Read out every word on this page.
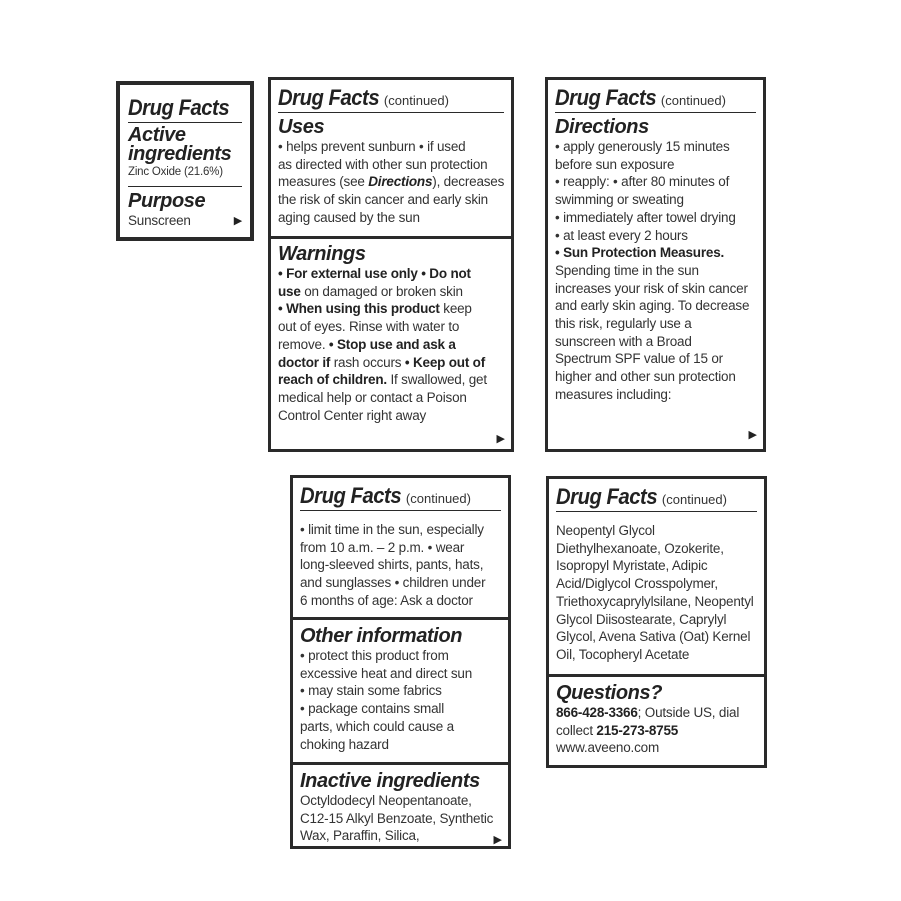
Drug Facts
Active ingredients
Zinc Oxide (21.6%)
Purpose
Sunscreen	▶
Drug Facts (continued)
Uses
• helps prevent sunburn • if used
as directed with other sun protection
measures (see Directions), decreases
the risk of skin cancer and early skin
aging caused by the sun
Warnings
• For external use only • Do not
use on damaged or broken skin
• When using this product keep
out of eyes. Rinse with water to
remove. • Stop use and ask a
doctor if rash occurs • Keep out of
reach of children. If swallowed, get
medical help or contact a Poison
Control Center right away
▶
Drug Facts (continued)
Directions
• apply generously 15 minutes
before sun exposure
• reapply: • after 80 minutes of
swimming or sweating
• immediately after towel drying
• at least every 2 hours
• Sun Protection Measures.
Spending time in the sun
increases your risk of skin cancer
and early skin aging. To decrease
this risk, regularly use a
sunscreen with a Broad
Spectrum SPF value of 15 or
higher and other sun protection
measures including:
▶
Drug Facts (continued)
• limit time in the sun, especially
from 10 a.m. – 2 p.m. • wear
long-sleeved shirts, pants, hats,
and sunglasses • children under
6 months of age: Ask a doctor
Other information
• protect this product from
excessive heat and direct sun
• may stain some fabrics
• package contains small
parts, which could cause a
choking hazard
Inactive ingredients
Octyldodecyl Neopentanoate,
C12-15 Alkyl Benzoate, Synthetic
Wax, Paraffin, Silica,	▶
Drug Facts (continued)
Neopentyl Glycol
Diethylhexanoate, Ozokerite,
Isopropyl Myristate, Adipic
Acid/Diglycol Crosspolymer,
Triethoxycaprylylsilane, Neopentyl
Glycol Diisostearate, Caprylyl
Glycol, Avena Sativa (Oat) Kernel
Oil, Tocopheryl Acetate
Questions?
866-428-3366; Outside US, dial
collect 215-273-8755
www.aveeno.com
